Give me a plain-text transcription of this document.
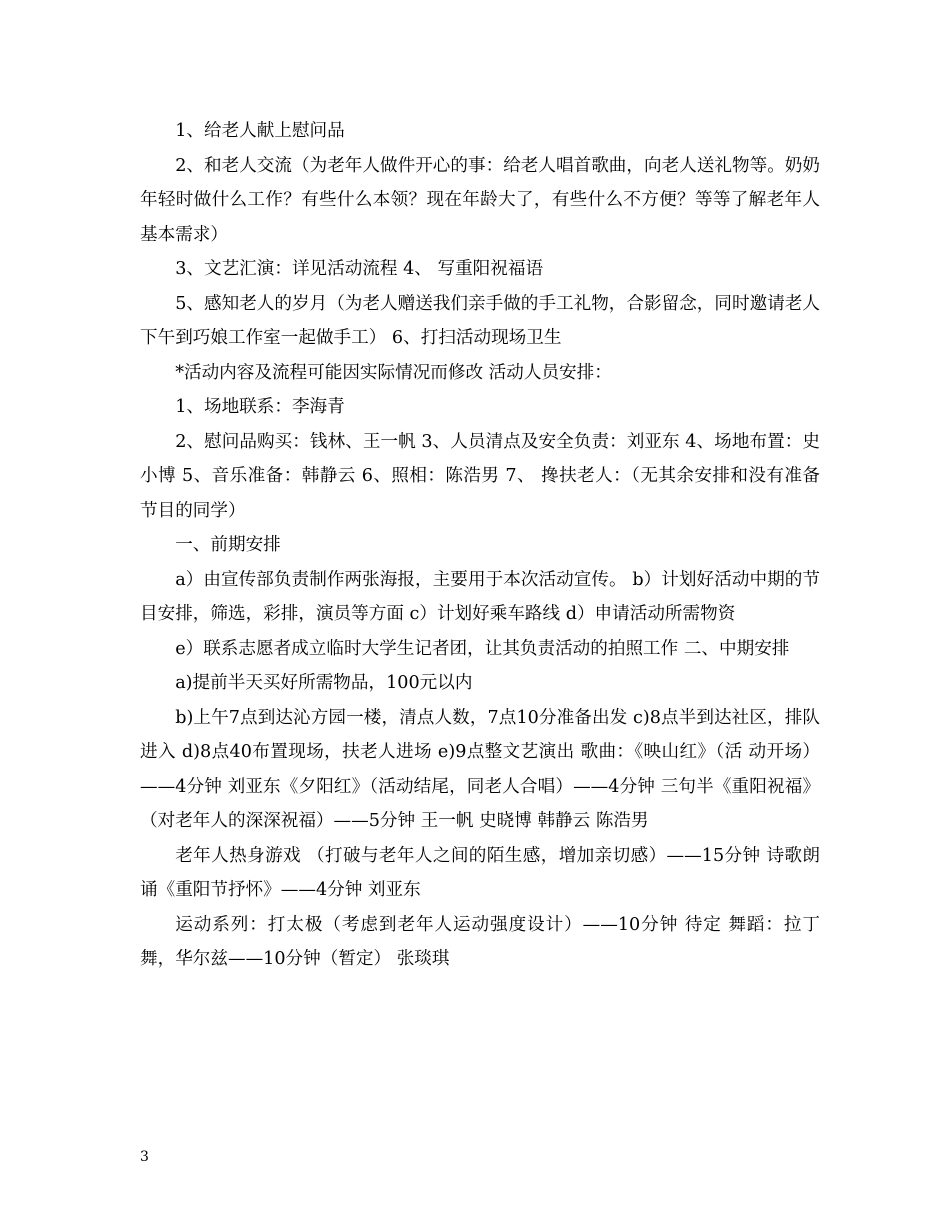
1、给老人献上慰问品

2、和老人交流（为老年人做件开心的事：给老人唱首歌曲，向老人送礼物等。奶奶年轻时做什么工作？有些什么本领？现在年龄大了，有些什么不方便？等等了解老年人基本需求）

3、文艺汇演：详见活动流程 4、 写重阳祝福语

5、感知老人的岁月（为老人赠送我们亲手做的手工礼物，合影留念，同时邀请老人下午到巧娘工作室一起做手工） 6、打扫活动现场卫生

*活动内容及流程可能因实际情况而修改 活动人员安排：

1、场地联系：李海青

2、慰问品购买：钱林、王一帆 3、人员清点及安全负责：刘亚东 4、场地布置：史小博 5、音乐准备：韩静云 6、照相：陈浩男 7、 搀扶老人：（无其余安排和没有准备节目的同学）

一、前期安排

a）由宣传部负责制作两张海报，主要用于本次活动宣传。 b）计划好活动中期的节目安排，筛选，彩排，演员等方面 c）计划好乘车路线 d）申请活动所需物资

e）联系志愿者成立临时大学生记者团，让其负责活动的拍照工作 二、中期安排

a)提前半天买好所需物品，100元以内

b)上午7点到达沁方园一楼，清点人数，7点10分准备出发 c)8点半到达社区，排队进入 d)8点40布置现场，扶老人进场 e)9点整文艺演出 歌曲：《映山红》（活 动开场）——4分钟 刘亚东《夕阳红》（活动结尾，同老人合唱）——4分钟 三句半《重阳祝福》（对老年人的深深祝福）——5分钟 王一帆 史晓博 韩静云 陈浩男

老年人热身游戏 （打破与老年人之间的陌生感，增加亲切感）——15分钟 诗歌朗诵《重阳节抒怀》——4分钟 刘亚东

运动系列：打太极（考虑到老年人运动强度设计）——10分钟 待定 舞蹈：拉丁舞，华尔兹——10分钟（暂定） 张琰琪

3
